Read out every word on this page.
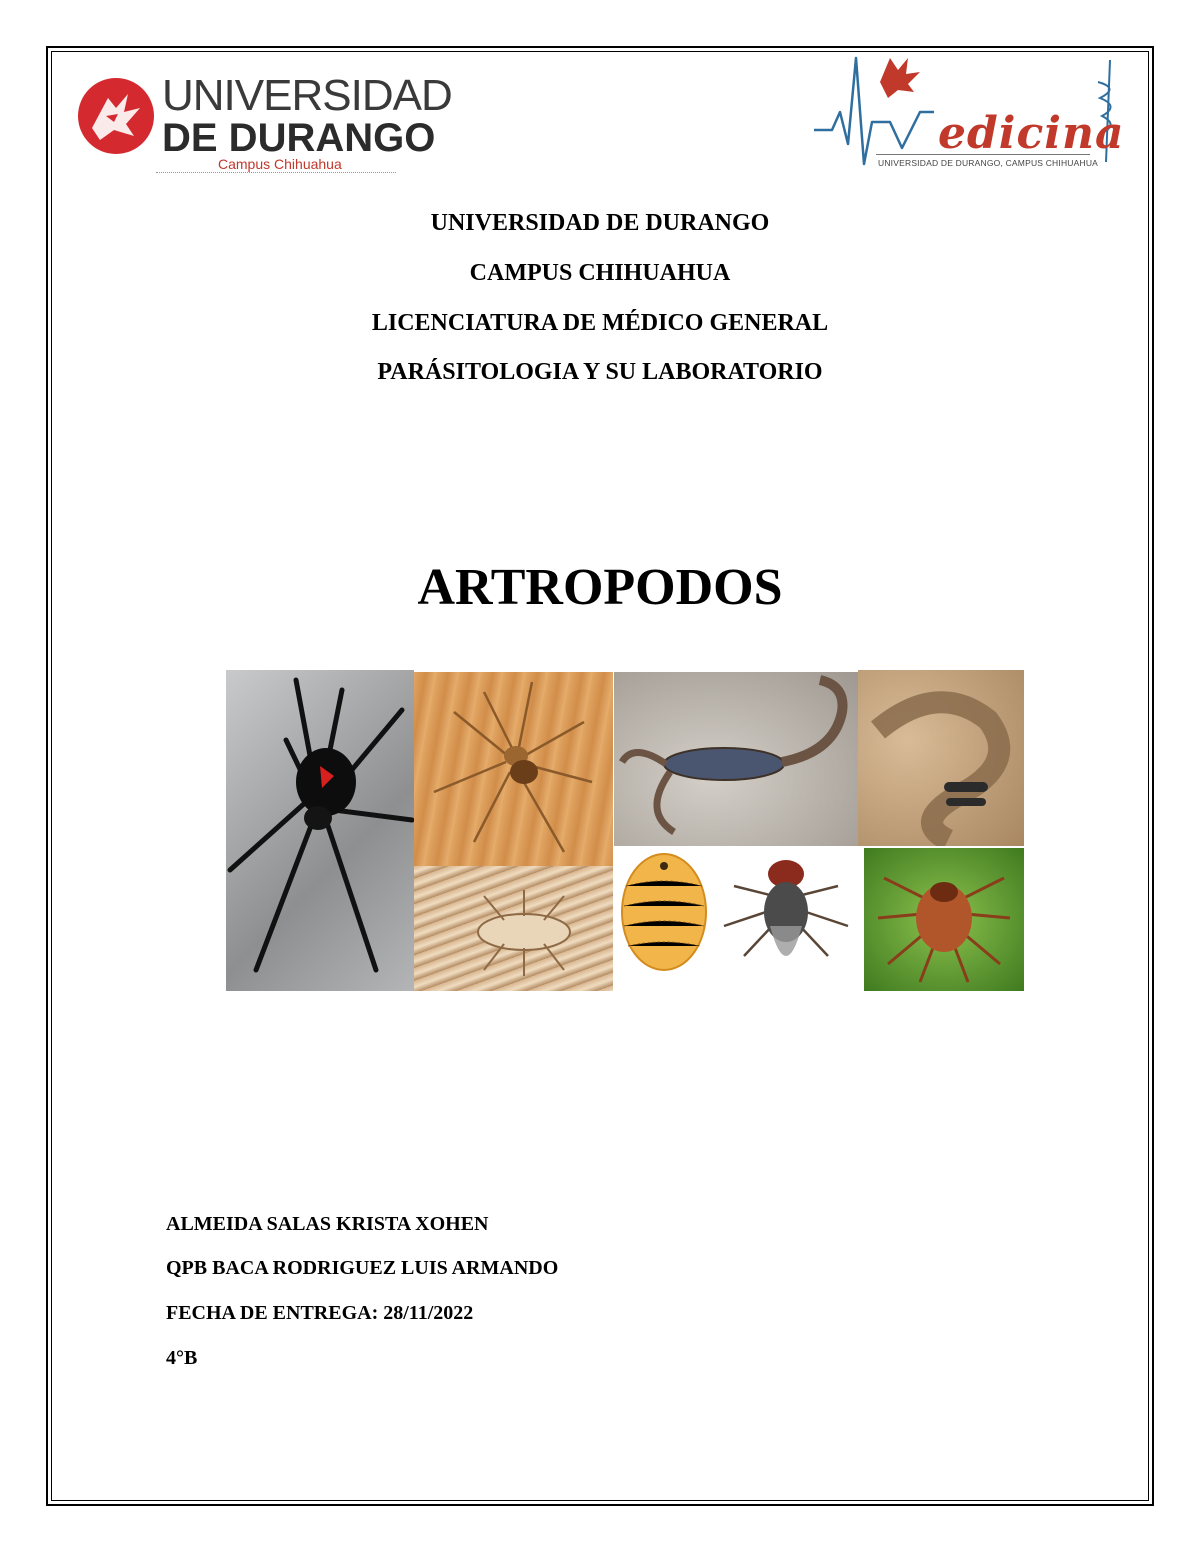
UNIVERSIDAD
DE DURANGO
Campus Chihuahua
edicina
UNIVERSIDAD DE DURANGO, CAMPUS CHIHUAHUA
UNIVERSIDAD DE DURANGO
CAMPUS CHIHUAHUA
LICENCIATURA DE MÉDICO GENERAL
PARÁSITOLOGIA Y SU LABORATORIO
ARTROPODOS
ALMEIDA SALAS KRISTA XOHEN
QPB BACA RODRIGUEZ LUIS ARMANDO
FECHA DE ENTREGA: 28/11/2022
4°B
